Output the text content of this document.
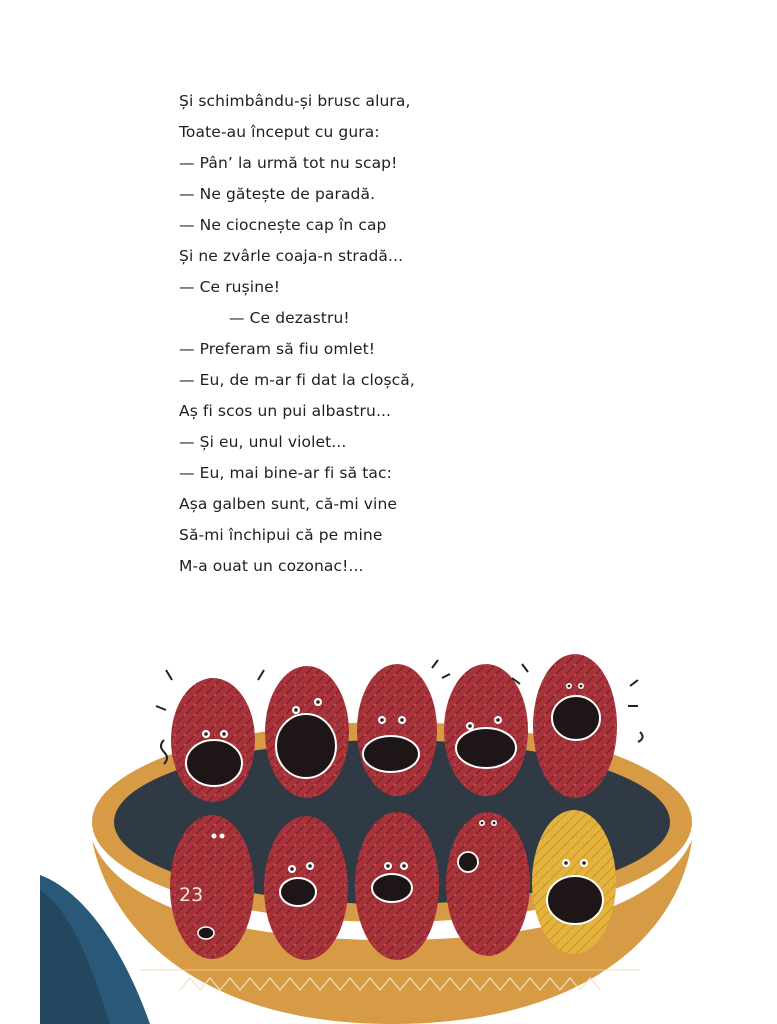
Și schimbându-și brusc alura,
Toate-au început cu gura:
— Pân’ la urmă tot nu scap!
— Ne gătește de paradă.
— Ne ciocnește cap în cap
Și ne zvârle coaja-n stradă...
— Ce rușine!
— Ce dezastru!
— Preferam să fiu omlet!
— Eu, de m-ar fi dat la cloșcă,
Aș fi scos un pui albastru...
— Și eu, unul violet...
— Eu, mai bine-ar fi să tac:
Așa galben sunt, că-mi vine
Să-mi închipui că pe mine
M-a ouat un cozonac!...
23
